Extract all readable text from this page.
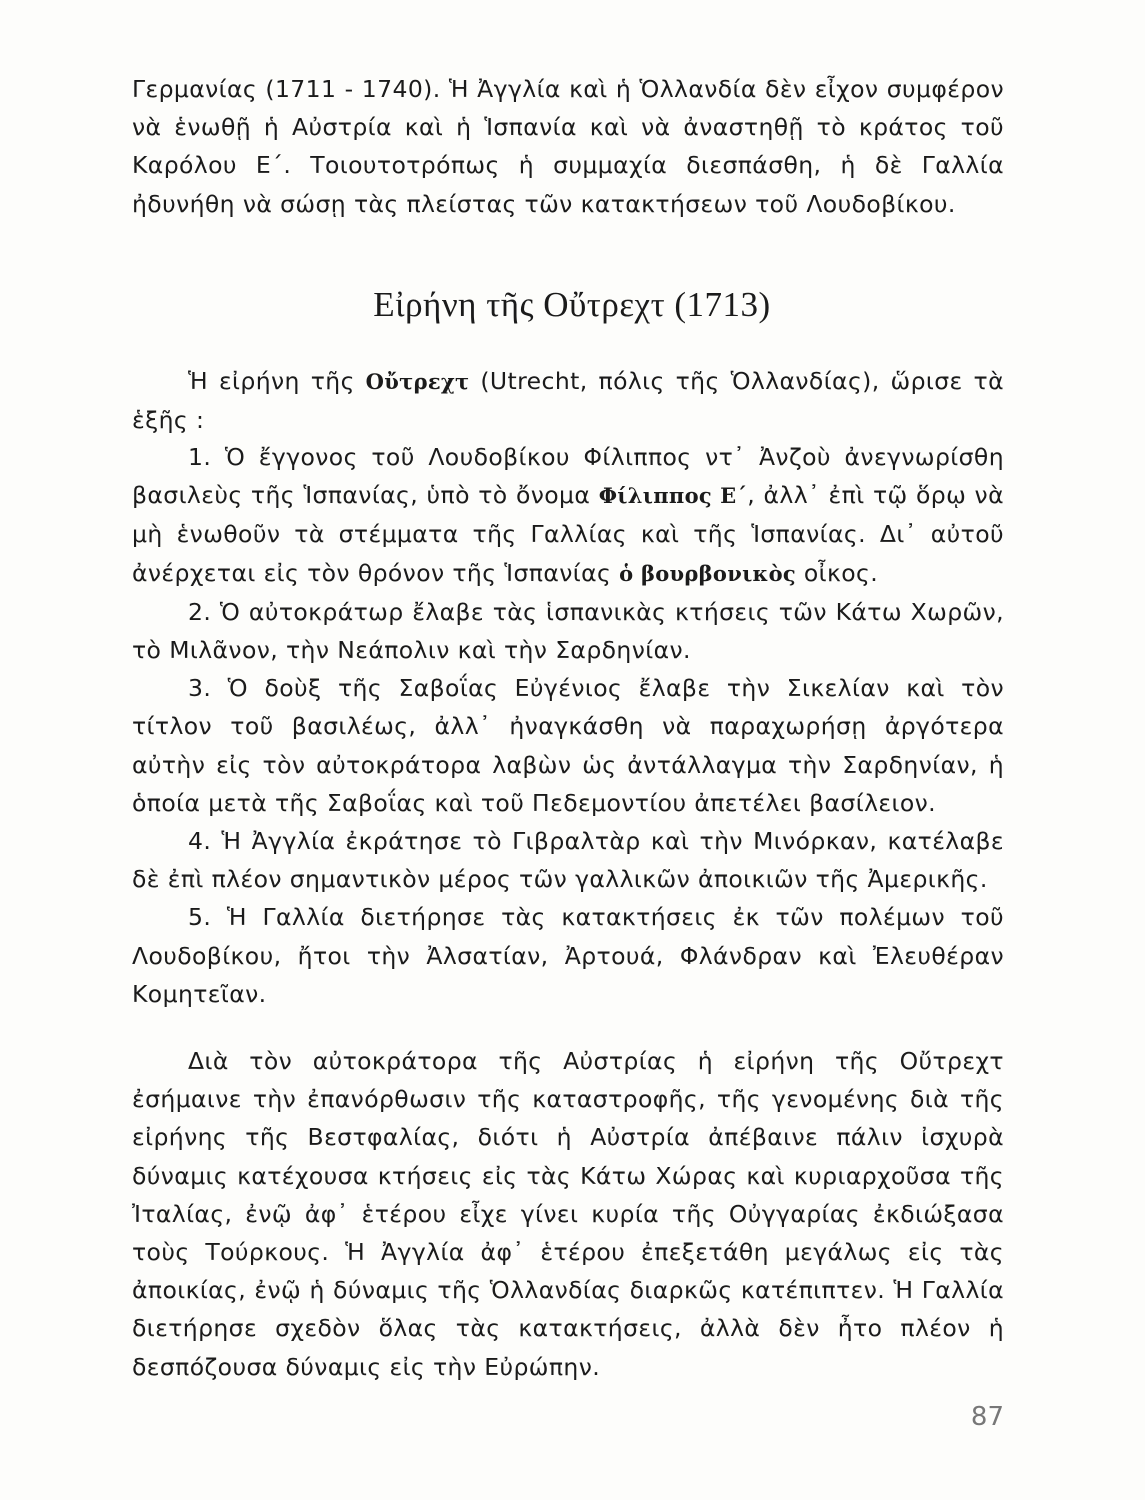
Γερμανίας (1711 - 1740). Ἡ Ἀγγλία καὶ ἡ Ὁλλανδία δὲν εἶχον συμφέρον νὰ ἑνωθῇ ἡ Αὐστρία καὶ ἡ Ἱσπανία καὶ νὰ ἀναστηθῇ τὸ κράτος τοῦ Καρόλου Ε΄. Τοιουτοτρόπως ἡ συμμαχία διεσπάσθη, ἡ δὲ Γαλλία ἠδυνήθη νὰ σώσῃ τὰς πλείστας τῶν κατακτήσεων τοῦ Λουδοβίκου.

Εἰρήνη τῆς Οὔτρεχτ (1713)

Ἡ εἰρήνη τῆς Οὔτρεχτ (Utrecht, πόλις τῆς Ὁλλανδίας), ὥρισε τὰ ἑξῆς :

1. Ὁ ἔγγονος τοῦ Λουδοβίκου Φίλιππος ντ᾿ Ἀνζοὺ ἀνεγνωρίσθη βασιλεὺς τῆς Ἱσπανίας, ὑπὸ τὸ ὄνομα Φίλιππος Ε΄, ἀλλ᾿ ἐπὶ τῷ ὅρῳ νὰ μὴ ἑνωθοῦν τὰ στέμματα τῆς Γαλλίας καὶ τῆς Ἱσπανίας. Δι᾿ αὐτοῦ ἀνέρχεται εἰς τὸν θρόνον τῆς Ἱσπανίας ὁ βουρβονικὸς οἶκος.

2. Ὁ αὐτοκράτωρ ἔλαβε τὰς ἱσπανικὰς κτήσεις τῶν Κάτω Χωρῶν, τὸ Μιλᾶνον, τὴν Νεάπολιν καὶ τὴν Σαρδηνίαν.

3. Ὁ δοὺξ τῆς Σαβοΐας Εὐγένιος ἔλαβε τὴν Σικελίαν καὶ τὸν τίτλον τοῦ βασιλέως, ἀλλ᾿ ἠναγκάσθη νὰ παραχωρήσῃ ἀργότερα αὐτὴν εἰς τὸν αὐτοκράτορα λαβὼν ὡς ἀντάλλαγμα τὴν Σαρδηνίαν, ἡ ὁποία μετὰ τῆς Σαβοΐας καὶ τοῦ Πεδεμοντίου ἀπετέλει βασίλειον.

4. Ἡ Ἀγγλία ἐκράτησε τὸ Γιβραλτὰρ καὶ τὴν Μινόρκαν, κατέλαβε δὲ ἐπὶ πλέον σημαντικὸν μέρος τῶν γαλλικῶν ἀποικιῶν τῆς Ἀμερικῆς.

5. Ἡ Γαλλία διετήρησε τὰς κατακτήσεις ἐκ τῶν πολέμων τοῦ Λουδοβίκου, ἤτοι τὴν Ἀλσατίαν, Ἀρτουά, Φλάνδραν καὶ Ἐλευθέραν Κομητεῖαν.

Διὰ τὸν αὐτοκράτορα τῆς Αὐστρίας ἡ εἰρήνη τῆς Οὔτρεχτ ἐσήμαινε τὴν ἐπανόρθωσιν τῆς καταστροφῆς, τῆς γενομένης διὰ τῆς εἰρήνης τῆς Βεστφαλίας, διότι ἡ Αὐστρία ἀπέβαινε πάλιν ἰσχυρὰ δύναμις κατέχουσα κτήσεις εἰς τὰς Κάτω Χώρας καὶ κυριαρχοῦσα τῆς Ἰταλίας, ἐνῷ ἀφ᾿ ἑτέρου εἶχε γίνει κυρία τῆς Οὐγγαρίας ἐκδιώξασα τοὺς Τούρκους. Ἡ Ἀγγλία ἀφ᾿ ἑτέρου ἐπεξετάθη μεγάλως εἰς τὰς ἀποικίας, ἐνῷ ἡ δύναμις τῆς Ὁλλανδίας διαρκῶς κατέπιπτεν. Ἡ Γαλλία διετήρησε σχεδὸν ὅλας τὰς κατακτήσεις, ἀλλὰ δὲν ἦτο πλέον ἡ δεσπόζουσα δύναμις εἰς τὴν Εὐρώπην.

87
